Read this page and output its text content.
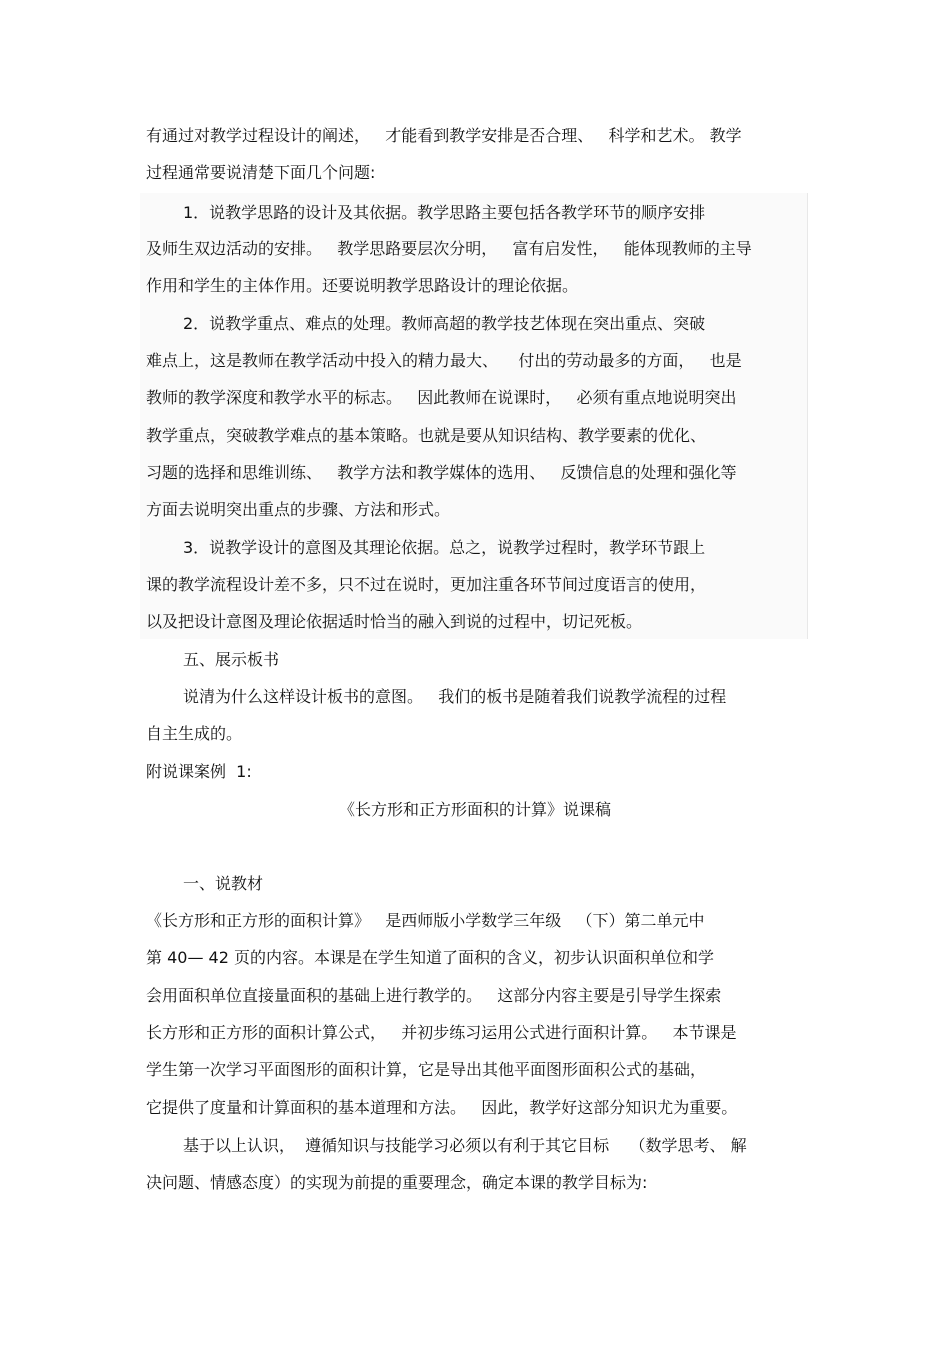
有通过对教学过程设计的阐述，   才能看到教学安排是否合理、   科学和艺术。 教学
过程通常要说清楚下面几个问题:
1．说教学思路的设计及其依据。教学思路主要包括各教学环节的顺序安排
及师生双边活动的安排。   教学思路要层次分明，   富有启发性，   能体现教师的主导
作用和学生的主体作用。还要说明教学思路设计的理论依据。
2．说教学重点、难点的处理。教师高超的教学技艺体现在突出重点、突破
难点上，这是教师在教学活动中投入的精力最大、    付出的劳动最多的方面，   也是
教师的教学深度和教学水平的标志。   因此教师在说课时，   必须有重点地说明突出
教学重点，突破教学难点的基本策略。也就是要从知识结构、教学要素的优化、
习题的选择和思维训练、   教学方法和教学媒体的选用、   反馈信息的处理和强化等
方面去说明突出重点的步骤、方法和形式。
3．说教学设计的意图及其理论依据。总之，说教学过程时，教学环节跟上
课的教学流程设计差不多，只不过在说时，更加注重各环节间过度语言的使用，
以及把设计意图及理论依据适时恰当的融入到说的过程中，切记死板。
五、展示板书
说清为什么这样设计板书的意图。   我们的板书是随着我们说教学流程的过程
自主生成的。
附说课案例  1:
《长方形和正方形面积的计算》说课稿
一、说教材
《长方形和正方形的面积计算》   是西师版小学数学三年级   （下）第二单元中
第 40— 42 页的内容。本课是在学生知道了面积的含义，初步认识面积单位和学
会用面积单位直接量面积的基础上进行教学的。   这部分内容主要是引导学生探索
长方形和正方形的面积计算公式，   并初步练习运用公式进行面积计算。   本节课是
学生第一次学习平面图形的面积计算，它是导出其他平面图形面积公式的基础，
它提供了度量和计算面积的基本道理和方法。   因此，教学好这部分知识尤为重要。
基于以上认识，  遵循知识与技能学习必须以有利于其它目标    （数学思考、 解
决问题、情感态度）的实现为前提的重要理念，确定本课的教学目标为:
